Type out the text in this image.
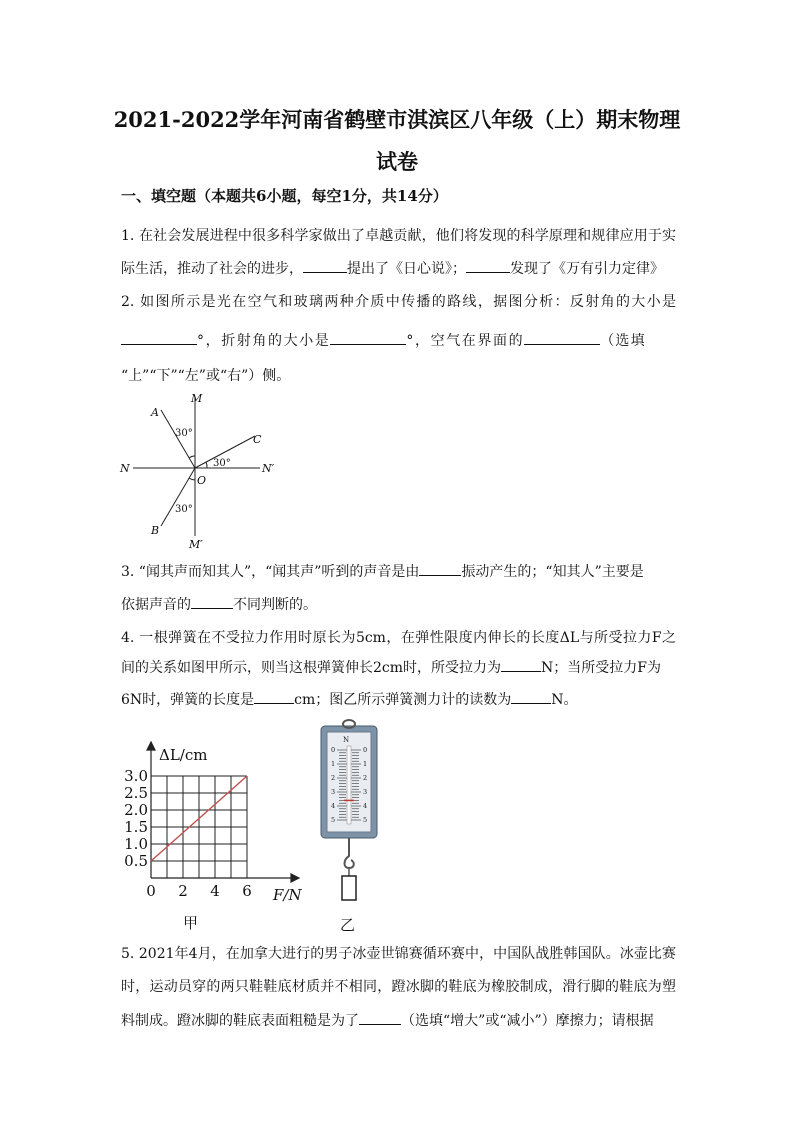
2021-2022学年河南省鹤壁市淇滨区八年级（上）期末物理
试卷
一、填空题（本题共6小题，每空1分，共14分）
1. 在社会发展进程中很多科学家做出了卓越贡献，他们将发现的科学原理和规律应用于实
际生活，推动了社会的进步，	提出了《日心说》；	发现了《万有引力定律》
2. 如图所示是光在空气和玻璃两种介质中传播的路线，据图分析：反射角的大小是
°，折射角的大小是	°，空气在界面的	（选填
“上”“下”“左”或“右”）侧。
A
M
C
N	N′
O
B
M′
30°
30°
30°
3. “闻其声而知其人”，“闻其声”听到的声音是由	振动产生的；“知其人”主要是
依据声音的	不同判断的。
4. 一根弹簧在不受拉力作用时原长为5cm，在弹性限度内伸长的长度ΔL与所受拉力F之
间的关系如图甲所示，则当这根弹簧伸长2cm时，所受拉力为	N；当所受拉力F为
6N时，弹簧的长度是	cm；图乙所示弹簧测力计的读数为	N。
0.5
1.0
1.5
2.0
2.5
3.0
0 2 4 6
ΔL/cm
F/N
甲
N
0	0
1	1
2	2
3	3
4	4
5	5
乙
5. 2021年4月，在加拿大进行的男子冰壶世锦赛循环赛中，中国队战胜韩国队。冰壶比赛
时，运动员穿的两只鞋鞋底材质并不相同，蹬冰脚的鞋底为橡胶制成，滑行脚的鞋底为塑
料制成。蹬冰脚的鞋底表面粗糙是为了	（选填“增大”或“减小”）摩擦力；请根据
